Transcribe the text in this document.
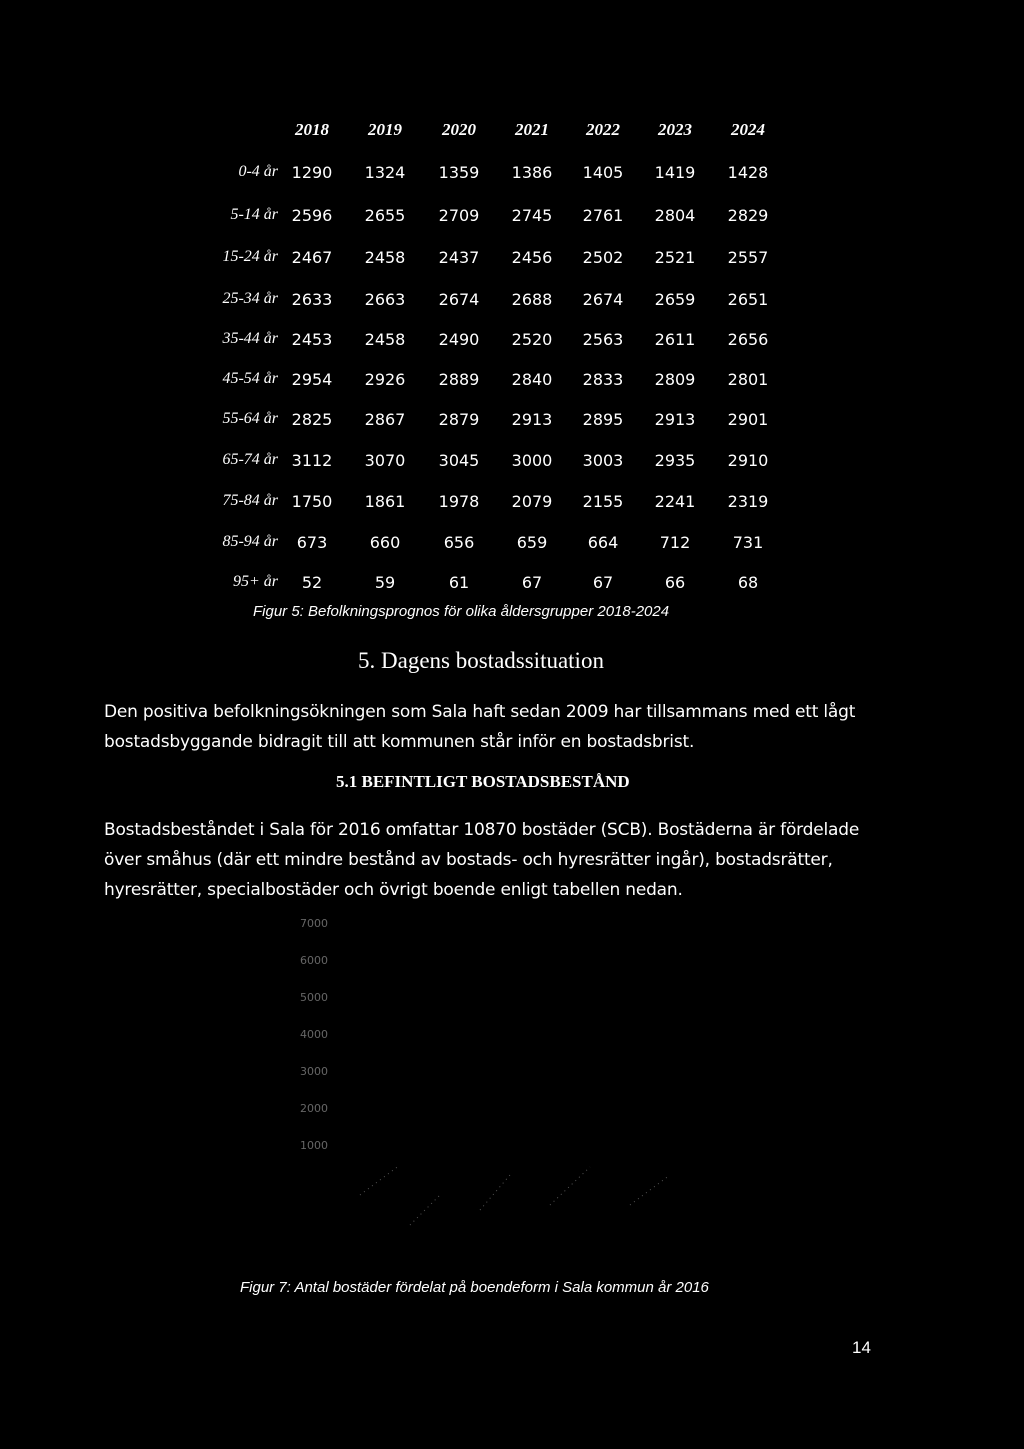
2018	2019	2020	2021	2022	2023	2024
0-4 år 1290	1324	1359	1386	1405	1419	1428
5-14 år 2596	2655	2709	2745	2761	2804	2829
15-24 år 2467	2458	2437	2456	2502	2521	2557
25-34 år 2633	2663	2674	2688	2674	2659	2651
35-44 år 2453	2458	2490	2520	2563	2611	2656
45-54 år 2954	2926	2889	2840	2833	2809	2801
55-64 år 2825	2867	2879	2913	2895	2913	2901
65-74 år 3112	3070	3045	3000	3003	2935	2910
75-84 år 1750	1861	1978	2079	2155	2241	2319
85-94 år	673	660	656	659	664	712	731
95+ år	52	59	61	67	67	66	68
Figur 5: Befolkningsprognos för olika åldersgrupper 2018-2024
5. Dagens bostadssituation
Den positiva befolkningsökningen som Sala haft sedan 2009 har tillsammans med ett lågt bostadsbyggande bidragit till att kommunen står inför en bostadsbrist.
5.1 BEFINTLIGT BOSTADSBESTÅND
Bostadsbeståndet i Sala för 2016 omfattar 10870 bostäder (SCB). Bostäderna är fördelade över småhus (där ett mindre bestånd av bostads- och hyresrätter ingår), bostadsrätter, hyresrätter, specialbostäder och övrigt boende enligt tabellen nedan.
7000
6000
5000
4000
3000
2000
1000
Figur 7: Antal bostäder fördelat på boendeform i Sala kommun år 2016
14
